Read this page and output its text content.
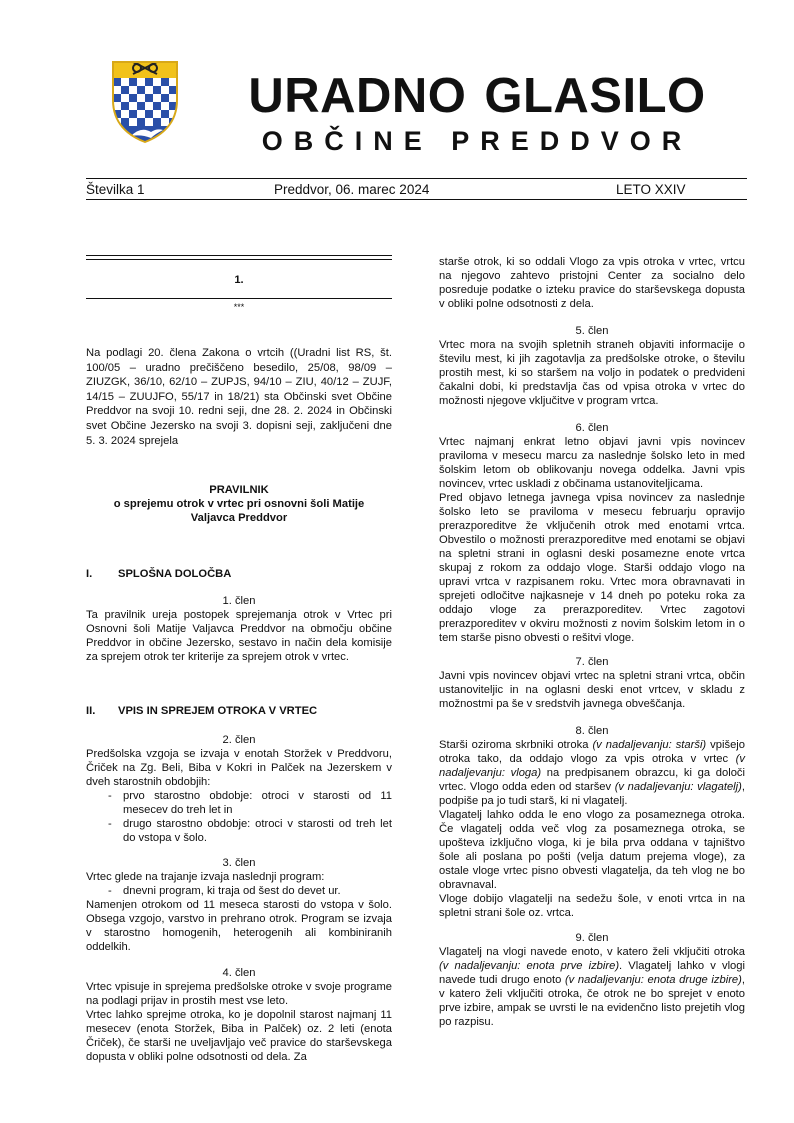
URADNO GLASILO
OBČINE PREDDVOR
Številka 1	Preddvor, 06. marec 2024	LETO XXIV
1.
***
Na podlagi 20. člena Zakona o vrtcih ((Uradni list RS, št. 100/05 – uradno prečiščeno besedilo, 25/08, 98/09 – ZIUZGK, 36/10, 62/10 – ZUPJS, 94/10 – ZIU, 40/12 – ZUJF, 14/15 – ZUUJFO, 55/17 in 18/21) sta Občinski svet Občine Preddvor na svoji 10. redni seji, dne 28. 2. 2024 in Občinski svet Občine Jezersko na svoji 3. dopisni seji, zaključeni dne 5. 3. 2024 sprejela
PRAVILNIK
o sprejemu otrok v vrtec pri osnovni šoli Matije Valjavca Preddvor
I. SPLOŠNA DOLOČBA

1. člen

Ta pravilnik ureja postopek sprejemanja otrok v Vrtec pri Osnovni šoli Matije Valjavca Preddvor na območju občine Preddvor in občine Jezersko, sestavo in način dela komisije za sprejem otrok ter kriterije za sprejem otrok v vrtec.

II. VPIS IN SPREJEM OTROKA V VRTEC

2. člen

Predšolska vzgoja se izvaja v enotah Storžek v Preddvoru, Čriček na Zg. Beli, Biba v Kokri in Palček na Jezerskem v dveh starostnih obdobjih:

- prvo starostno obdobje: otroci v starosti od 11 mesecev do treh let in
- drugo starostno obdobje: otroci v starosti od treh let do vstopa v šolo.

3. člen

Vrtec glede na trajanje izvaja naslednji program:

- dnevni program, ki traja od šest do devet ur.

Namenjen otrokom od 11 meseca starosti do vstopa v šolo. Obsega vzgojo, varstvo in prehrano otrok. Program se izvaja v starostno homogenih, heterogenih ali kombiniranih oddelkih.

4. člen

Vrtec vpisuje in sprejema predšolske otroke v svoje programe na podlagi prijav in prostih mest vse leto.

Vrtec lahko sprejme otroka, ko je dopolnil starost najmanj 11 mesecev (enota Storžek, Biba in Palček) oz. 2 leti (enota Čriček), če starši ne uveljavljajo več pravice do starševskega dopusta v obliki polne odsotnosti od dela. Za

starše otrok, ki so oddali Vlogo za vpis otroka v vrtec, vrtcu na njegovo zahtevo pristojni Center za socialno delo posreduje podatke o izteku pravice do starševskega dopusta v obliki polne odsotnosti z dela.

5. člen

Vrtec mora na svojih spletnih straneh objaviti informacije o številu mest, ki jih zagotavlja za predšolske otroke, o številu prostih mest, ki so staršem na voljo in podatek o predvideni čakalni dobi, ki predstavlja čas od vpisa otroka v vrtec do možnosti njegove vključitve v program vrtca.

6. člen

Vrtec najmanj enkrat letno objavi javni vpis novincev praviloma v mesecu marcu za naslednje šolsko leto in med šolskim letom ob oblikovanju novega oddelka. Javni vpis novincev, vrtec uskladi z občinama ustanoviteljicama.

Pred objavo letnega javnega vpisa novincev za naslednje šolsko leto se praviloma v mesecu februarju opravijo prerazporeditve že vključenih otrok med enotami vrtca. Obvestilo o možnosti prerazporeditve med enotami se objavi na spletni strani in oglasni deski posamezne enote vrtca skupaj z rokom za oddajo vloge. Starši oddajo vlogo na upravi vrtca v razpisanem roku. Vrtec mora obravnavati in sprejeti odločitve najkasneje v 14 dneh po poteku roka za oddajo vloge za prerazporeditev. Vrtec zagotovi prerazporeditev v okviru možnosti z novim šolskim letom in o tem starše pisno obvesti o rešitvi vloge.

7. člen

Javni vpis novincev objavi vrtec na spletni strani vrtca, občin ustanoviteljic in na oglasni deski enot vrtcev, v skladu z možnostmi pa še v sredstvih javnega obveščanja.

8. člen

Starši oziroma skrbniki otroka (v nadaljevanju: starši) vpišejo otroka tako, da oddajo vlogo za vpis otroka v vrtec (v nadaljevanju: vloga) na predpisanem obrazcu, ki ga določi vrtec. Vlogo odda eden od staršev (v nadaljevanju: vlagatelj), podpiše pa jo tudi starš, ki ni vlagatelj.

Vlagatelj lahko odda le eno vlogo za posameznega otroka. Če vlagatelj odda več vlog za posameznega otroka, se upošteva izključno vloga, ki je bila prva oddana v tajništvo šole ali poslana po pošti (velja datum prejema vloge), za ostale vloge vrtec pisno obvesti vlagatelja, da teh vlog ne bo obravnaval.

Vloge dobijo vlagatelji na sedežu šole, v enoti vrtca in na spletni strani šole oz. vrtca.

9. člen

Vlagatelj na vlogi navede enoto, v katero želi vključiti otroka (v nadaljevanju: enota prve izbire). Vlagatelj lahko v vlogi navede tudi drugo enoto (v nadaljevanju: enota druge izbire), v katero želi vključiti otroka, če otrok ne bo sprejet v enoto prve izbire, ampak se uvrsti le na evidenčno listo prejetih vlog po razpisu.
